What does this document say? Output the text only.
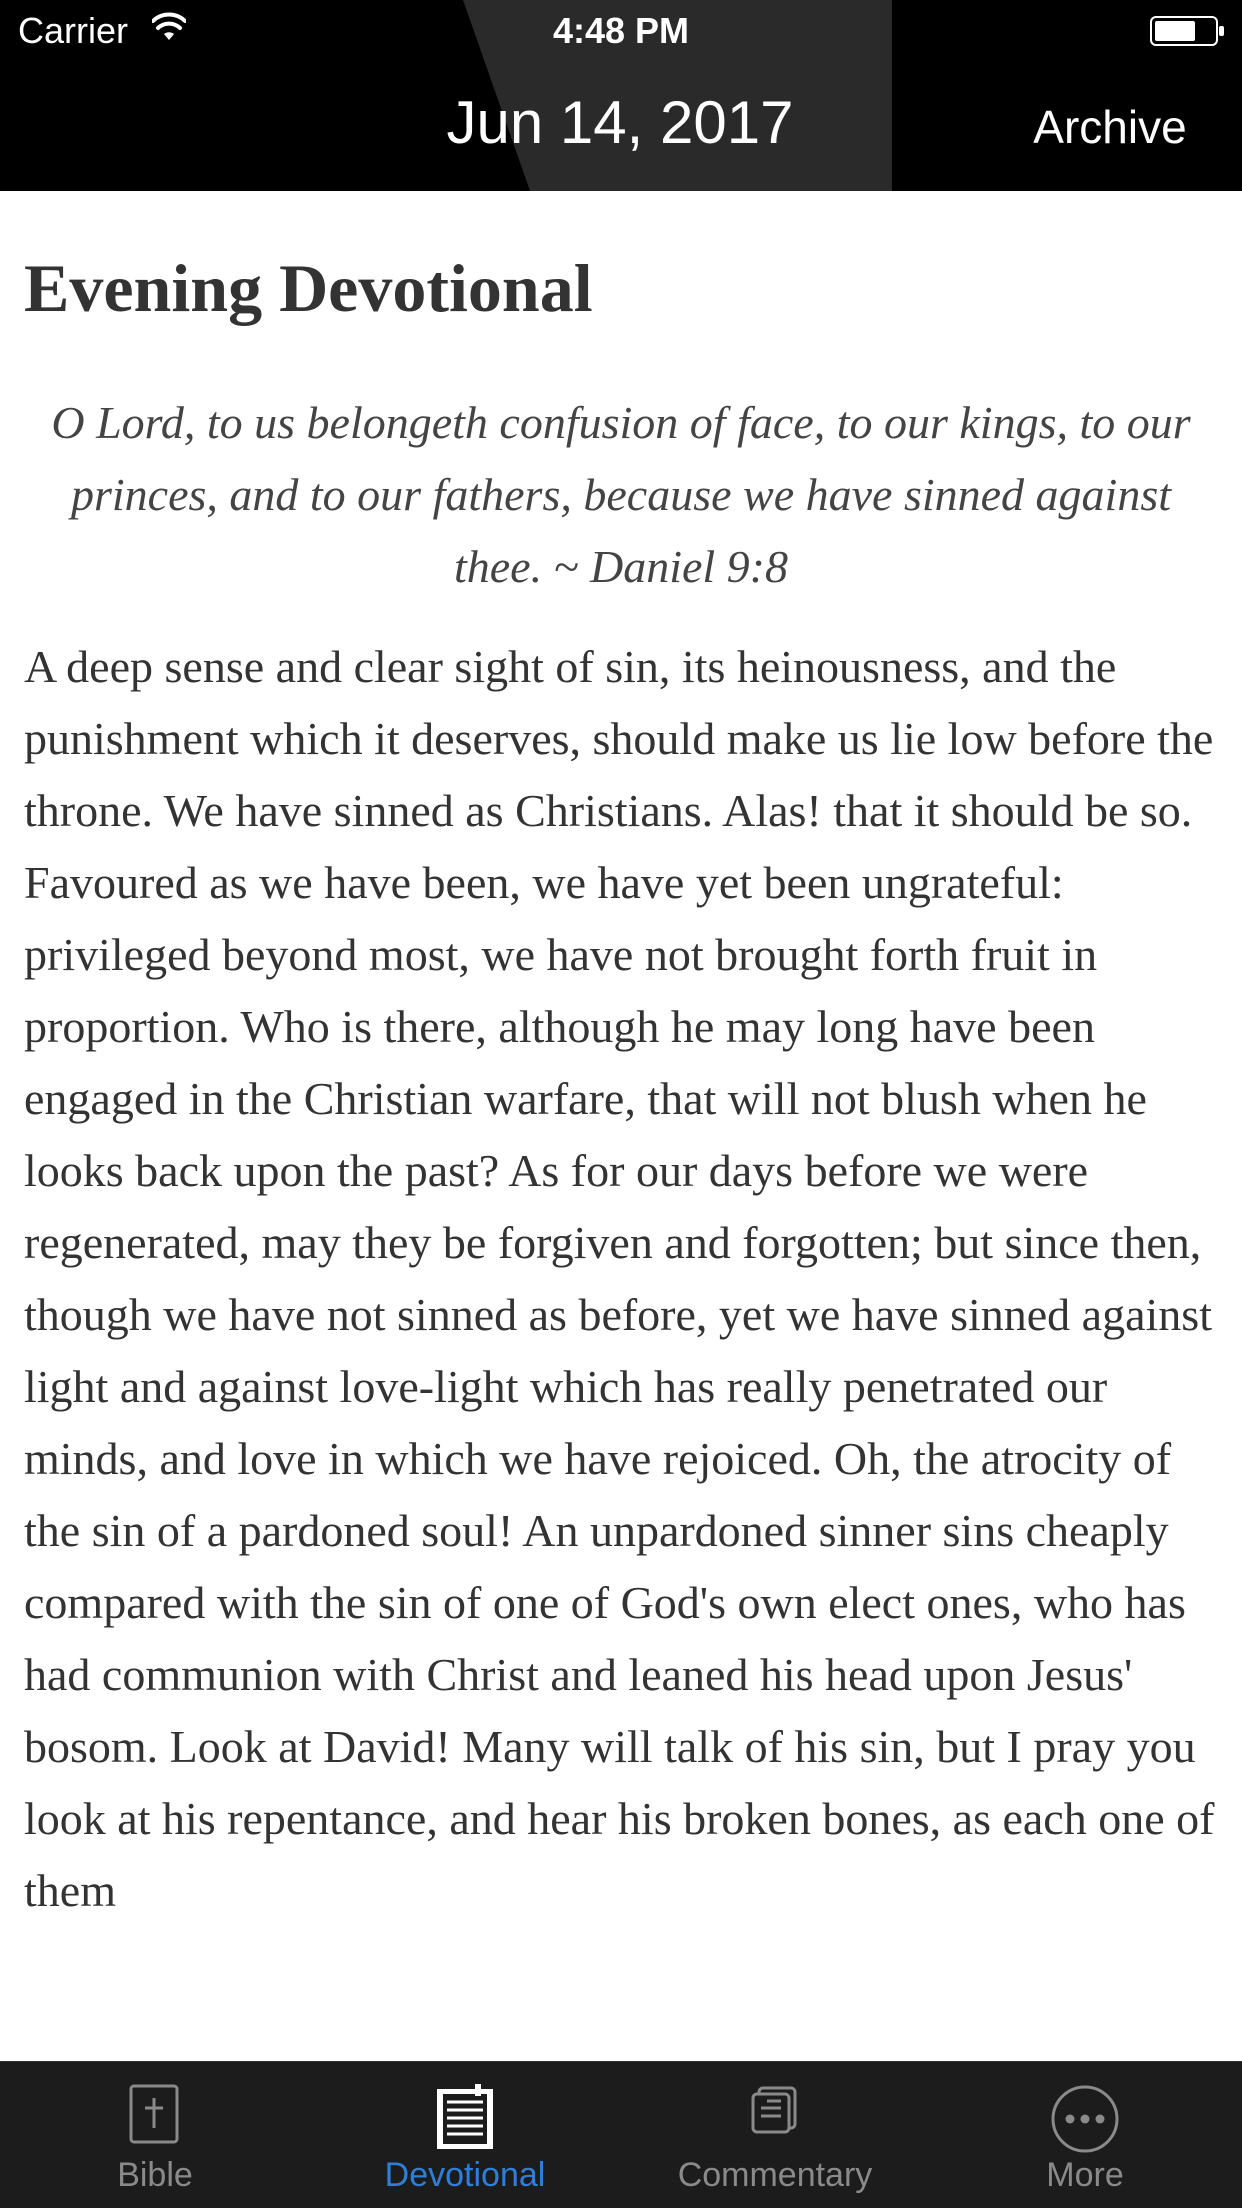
Carrier	4:48 PM
Jun 14, 2017	Archive
Evening Devotional

O Lord, to us belongeth confusion of face, to our kings, to our princes, and to our fathers, because we have sinned against thee. ~ Daniel 9:8

A deep sense and clear sight of sin, its heinousness, and the punishment which it deserves, should make us lie low before the throne. We have sinned as Christians. Alas! that it should be so. Favoured as we have been, we have yet been ungrateful: privileged beyond most, we have not brought forth fruit in proportion. Who is there, although he may long have been engaged in the Christian warfare, that will not blush when he looks back upon the past? As for our days before we were regenerated, may they be forgiven and forgotten; but since then, though we have not sinned as before, yet we have sinned against light and against love-light which has really penetrated our minds, and love in which we have rejoiced. Oh, the atrocity of the sin of a pardoned soul! An unpardoned sinner sins cheaply compared with the sin of one of God's own elect ones, who has had communion with Christ and leaned his head upon Jesus' bosom. Look at David! Many will talk of his sin, but I pray you look at his repentance, and hear his broken bones, as each one of them

Bible	Devotional	Commentary	More
